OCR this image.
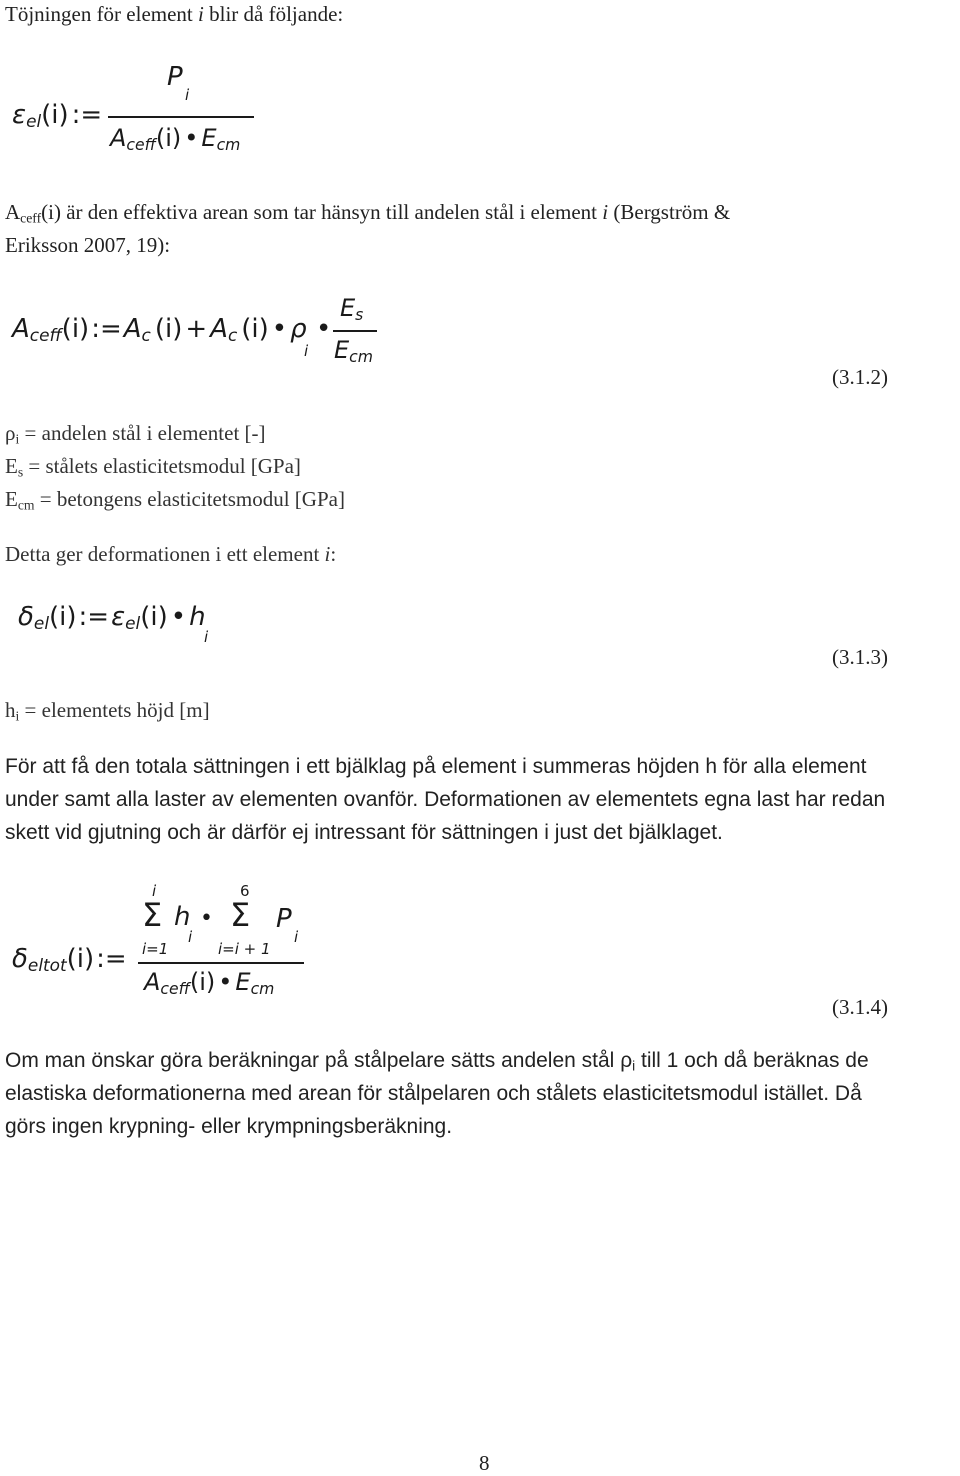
Töjningen för element i blir då följande:
$\varepsilon_{el}(i)$ :=
P
i
$A_{ceff}(i)$ • $E_{cm}$
$A_{ceff}(i)$ är den effektiva arean som tar hänsyn till andelen stål i element i (Bergström &
Eriksson 2007, 19):
$A_{ceff}(i):=A_c$ $(i) + A_c$ (i) • ρ
i
•
$E_s$
$E_{cm}$
(3.1.2)
$\rho_i$ = andelen stål i elementet [-]
$E_s$ = stålets elasticitetsmodul [GPa]
$E_{cm}$ = betongens elasticitetsmodul [GPa]
Detta ger deformationen i ett element i:
$\delta_{el}(i):=\varepsilon_{el}(i)$ • h
i
(3.1.3)
$h_i$ = elementets höjd [m]
För att få den totala sättningen i ett bjälklag på element i summeras höjden h för alla element
under samt alla laster av elementen ovanför. Deformationen av elementets egna last har redan
skett vid gjutning och är därför ej intressant för sättningen i just det bjälklaget.
$\delta_{eltot}(i):=$
i
Σ
i=1
h
i
•
6
Σ
i=i + 1
P
i
$A_{ceff}(i)$ • $E_{cm}$
(3.1.4)
Om man önskar göra beräkningar på stålpelare sätts andelen stål $\rho_i$ till 1 och då beräknas de
elastiska deformationerna med arean för stålpelaren och stålets elasticitetsmodul istället. Då
görs ingen krypning- eller krympningsberäkning.
8
